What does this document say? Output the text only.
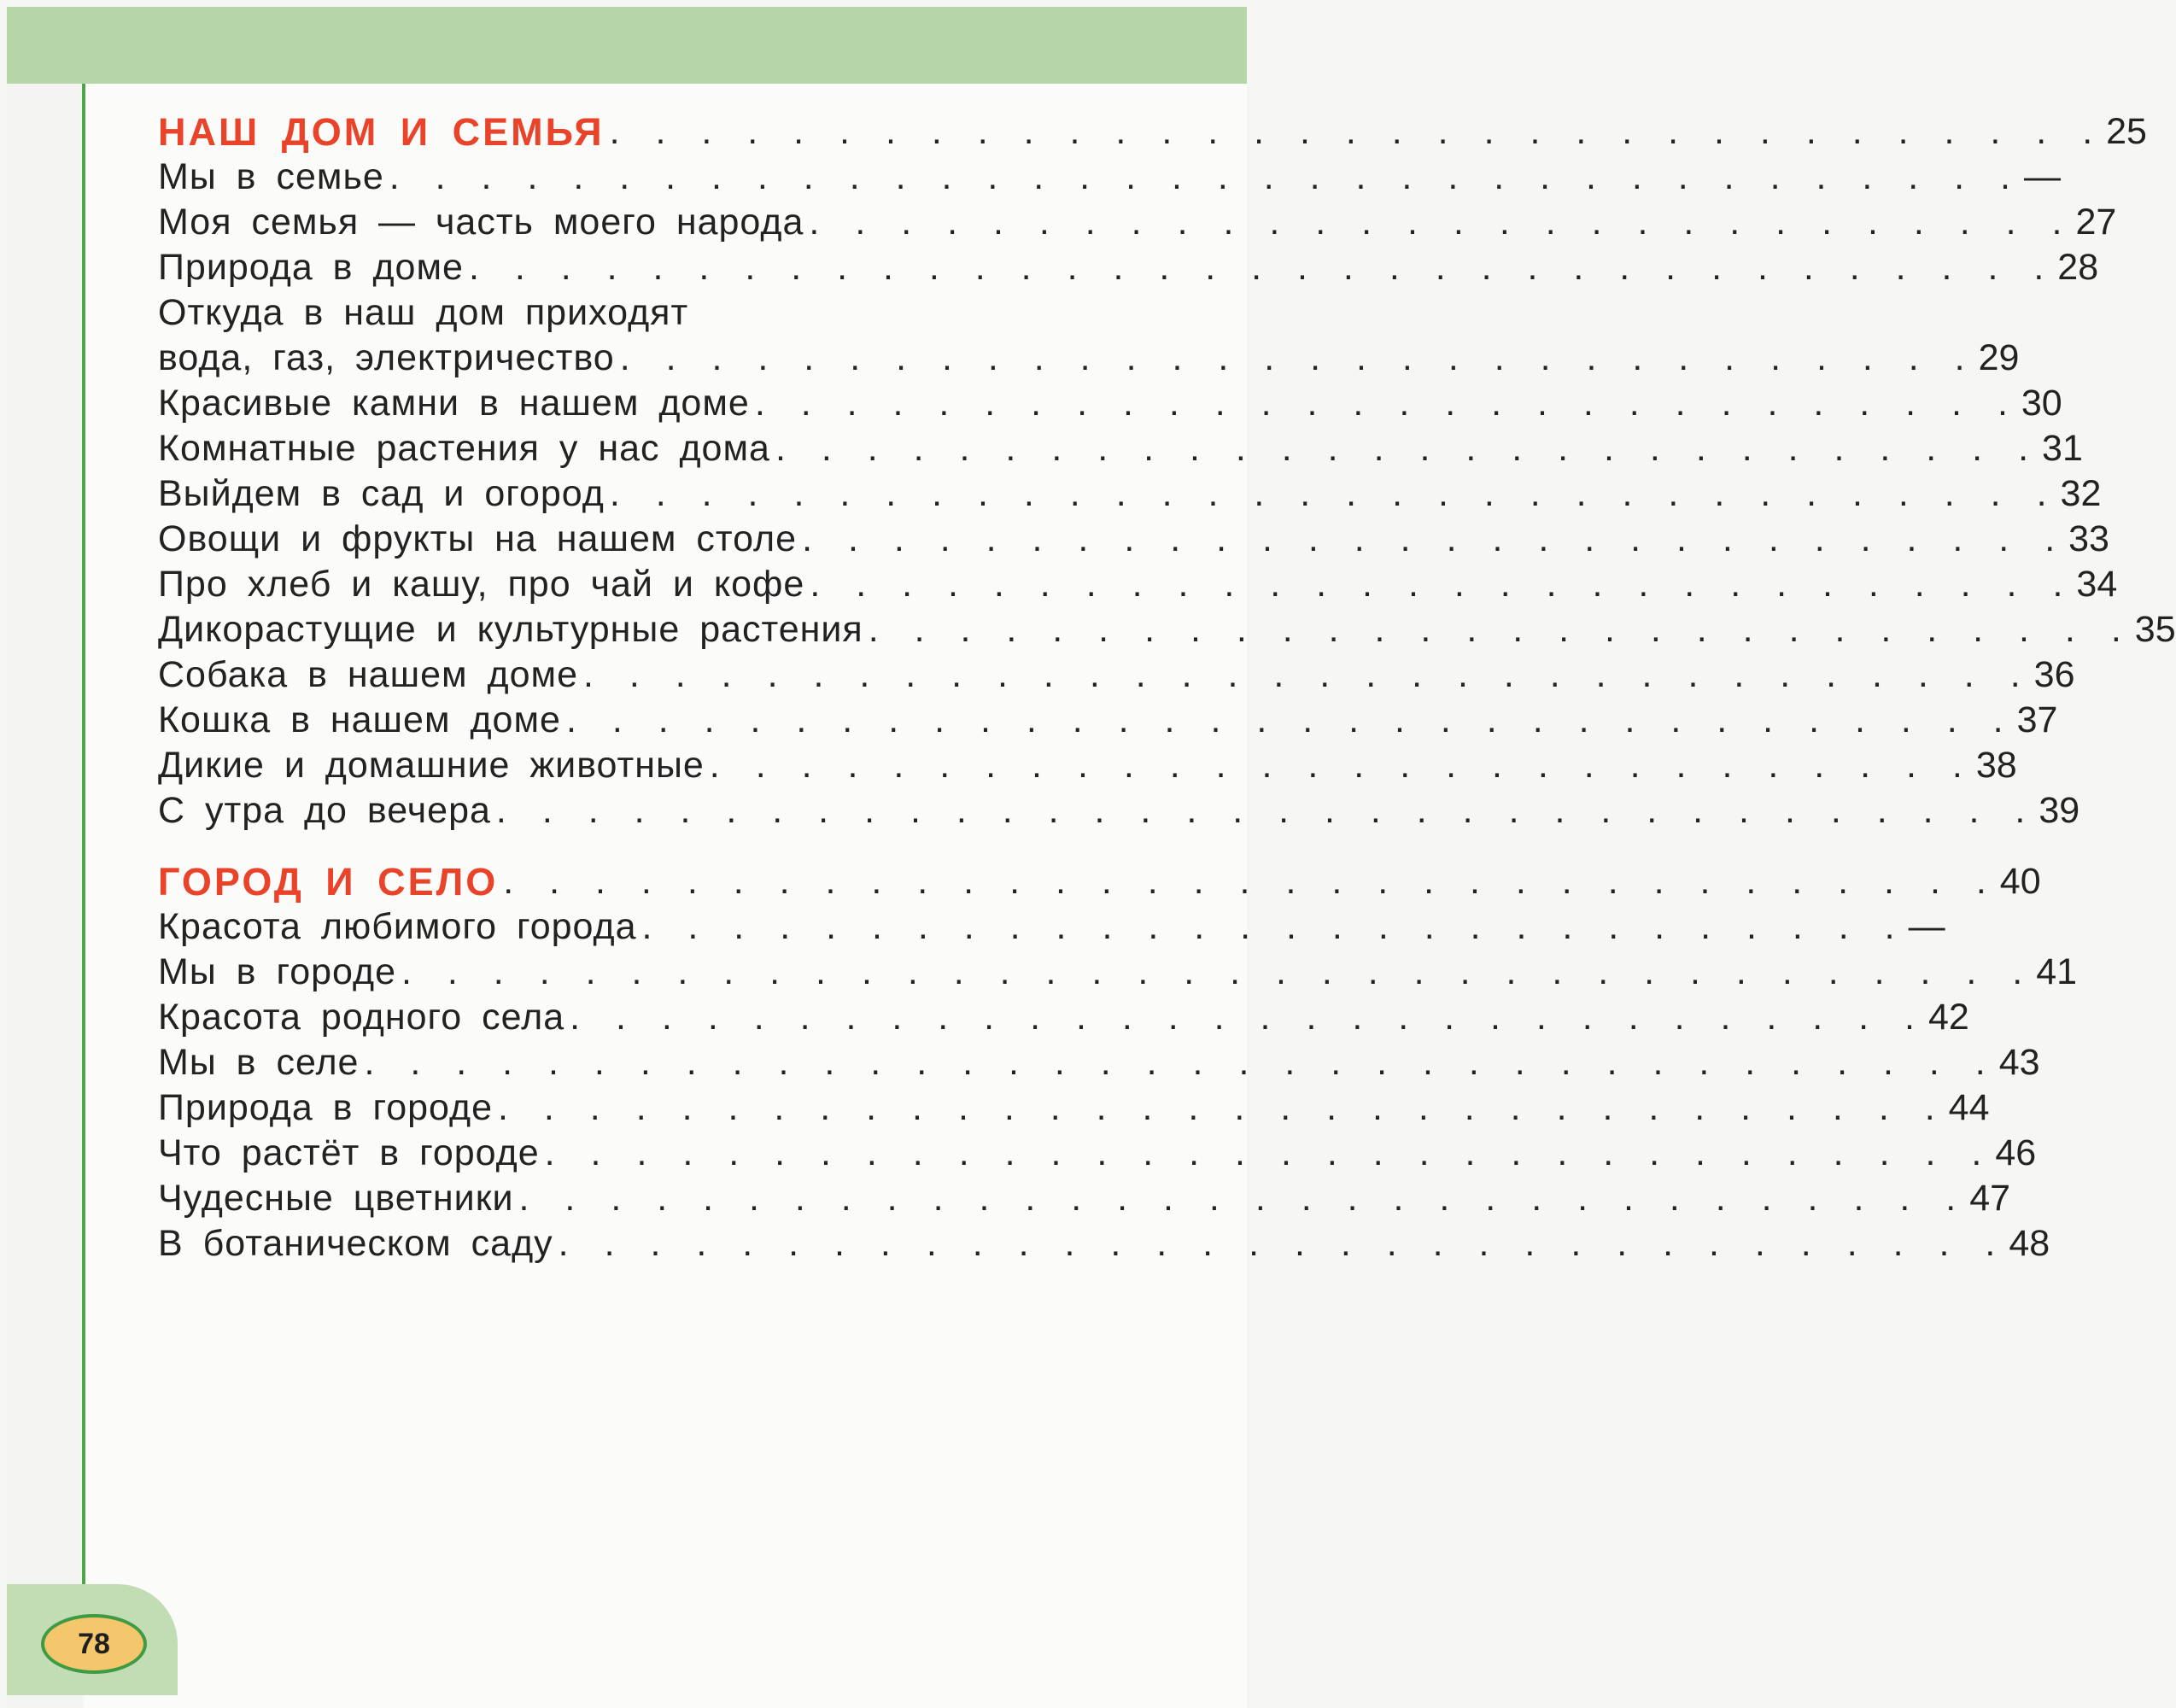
78
НАШ ДОМ И СЕМЬЯ . . . . . . . . . . . . . . . . . . . . . . . . . . . . . . . . . 25
Мы в семье . . . . . . . . . . . . . . . . . . . . . . . . . . . . . . . . . . . . —
Моя семья — часть моего народа . . . . . . . . . . . . . . . . . . . . . . . . . . . . 27
Природа в доме . . . . . . . . . . . . . . . . . . . . . . . . . . . . . . . . . . . 28
Откуда в наш дом приходят
вода, газ, электричество . . . . . . . . . . . . . . . . . . . . . . . . . . . . . . 29
Красивые камни в нашем доме . . . . . . . . . . . . . . . . . . . . . . . . . . . . 30
Комнатные растения у нас дома . . . . . . . . . . . . . . . . . . . . . . . . . . . . 31
Выйдем в сад и огород . . . . . . . . . . . . . . . . . . . . . . . . . . . . . . . . 32
Овощи и фрукты на нашем столе . . . . . . . . . . . . . . . . . . . . . . . . . . . . 33
Про хлеб и кашу, про чай и кофе . . . . . . . . . . . . . . . . . . . . . . . . . . . . 34
Дикорастущие и культурные растения . . . . . . . . . . . . . . . . . . . . . . . . . . . . 35
Собака в нашем доме . . . . . . . . . . . . . . . . . . . . . . . . . . . . . . . . 36
Кошка в нашем доме . . . . . . . . . . . . . . . . . . . . . . . . . . . . . . . . 37
Дикие и домашние животные . . . . . . . . . . . . . . . . . . . . . . . . . . . . 38
С утра до вечера . . . . . . . . . . . . . . . . . . . . . . . . . . . . . . . . . . 39
ГОРОД И СЕЛО . . . . . . . . . . . . . . . . . . . . . . . . . . . . . . . . . 40
Красота любимого города . . . . . . . . . . . . . . . . . . . . . . . . . . . . —
Мы в городе . . . . . . . . . . . . . . . . . . . . . . . . . . . . . . . . . . . . 41
Красота родного села . . . . . . . . . . . . . . . . . . . . . . . . . . . . . . 42
Мы в селе . . . . . . . . . . . . . . . . . . . . . . . . . . . . . . . . . . . . 43
Природа в городе . . . . . . . . . . . . . . . . . . . . . . . . . . . . . . . . 44
Что растёт в городе . . . . . . . . . . . . . . . . . . . . . . . . . . . . . . . . 46
Чудесные цветники . . . . . . . . . . . . . . . . . . . . . . . . . . . . . . . . 47
В ботаническом саду . . . . . . . . . . . . . . . . . . . . . . . . . . . . . . . . 48
